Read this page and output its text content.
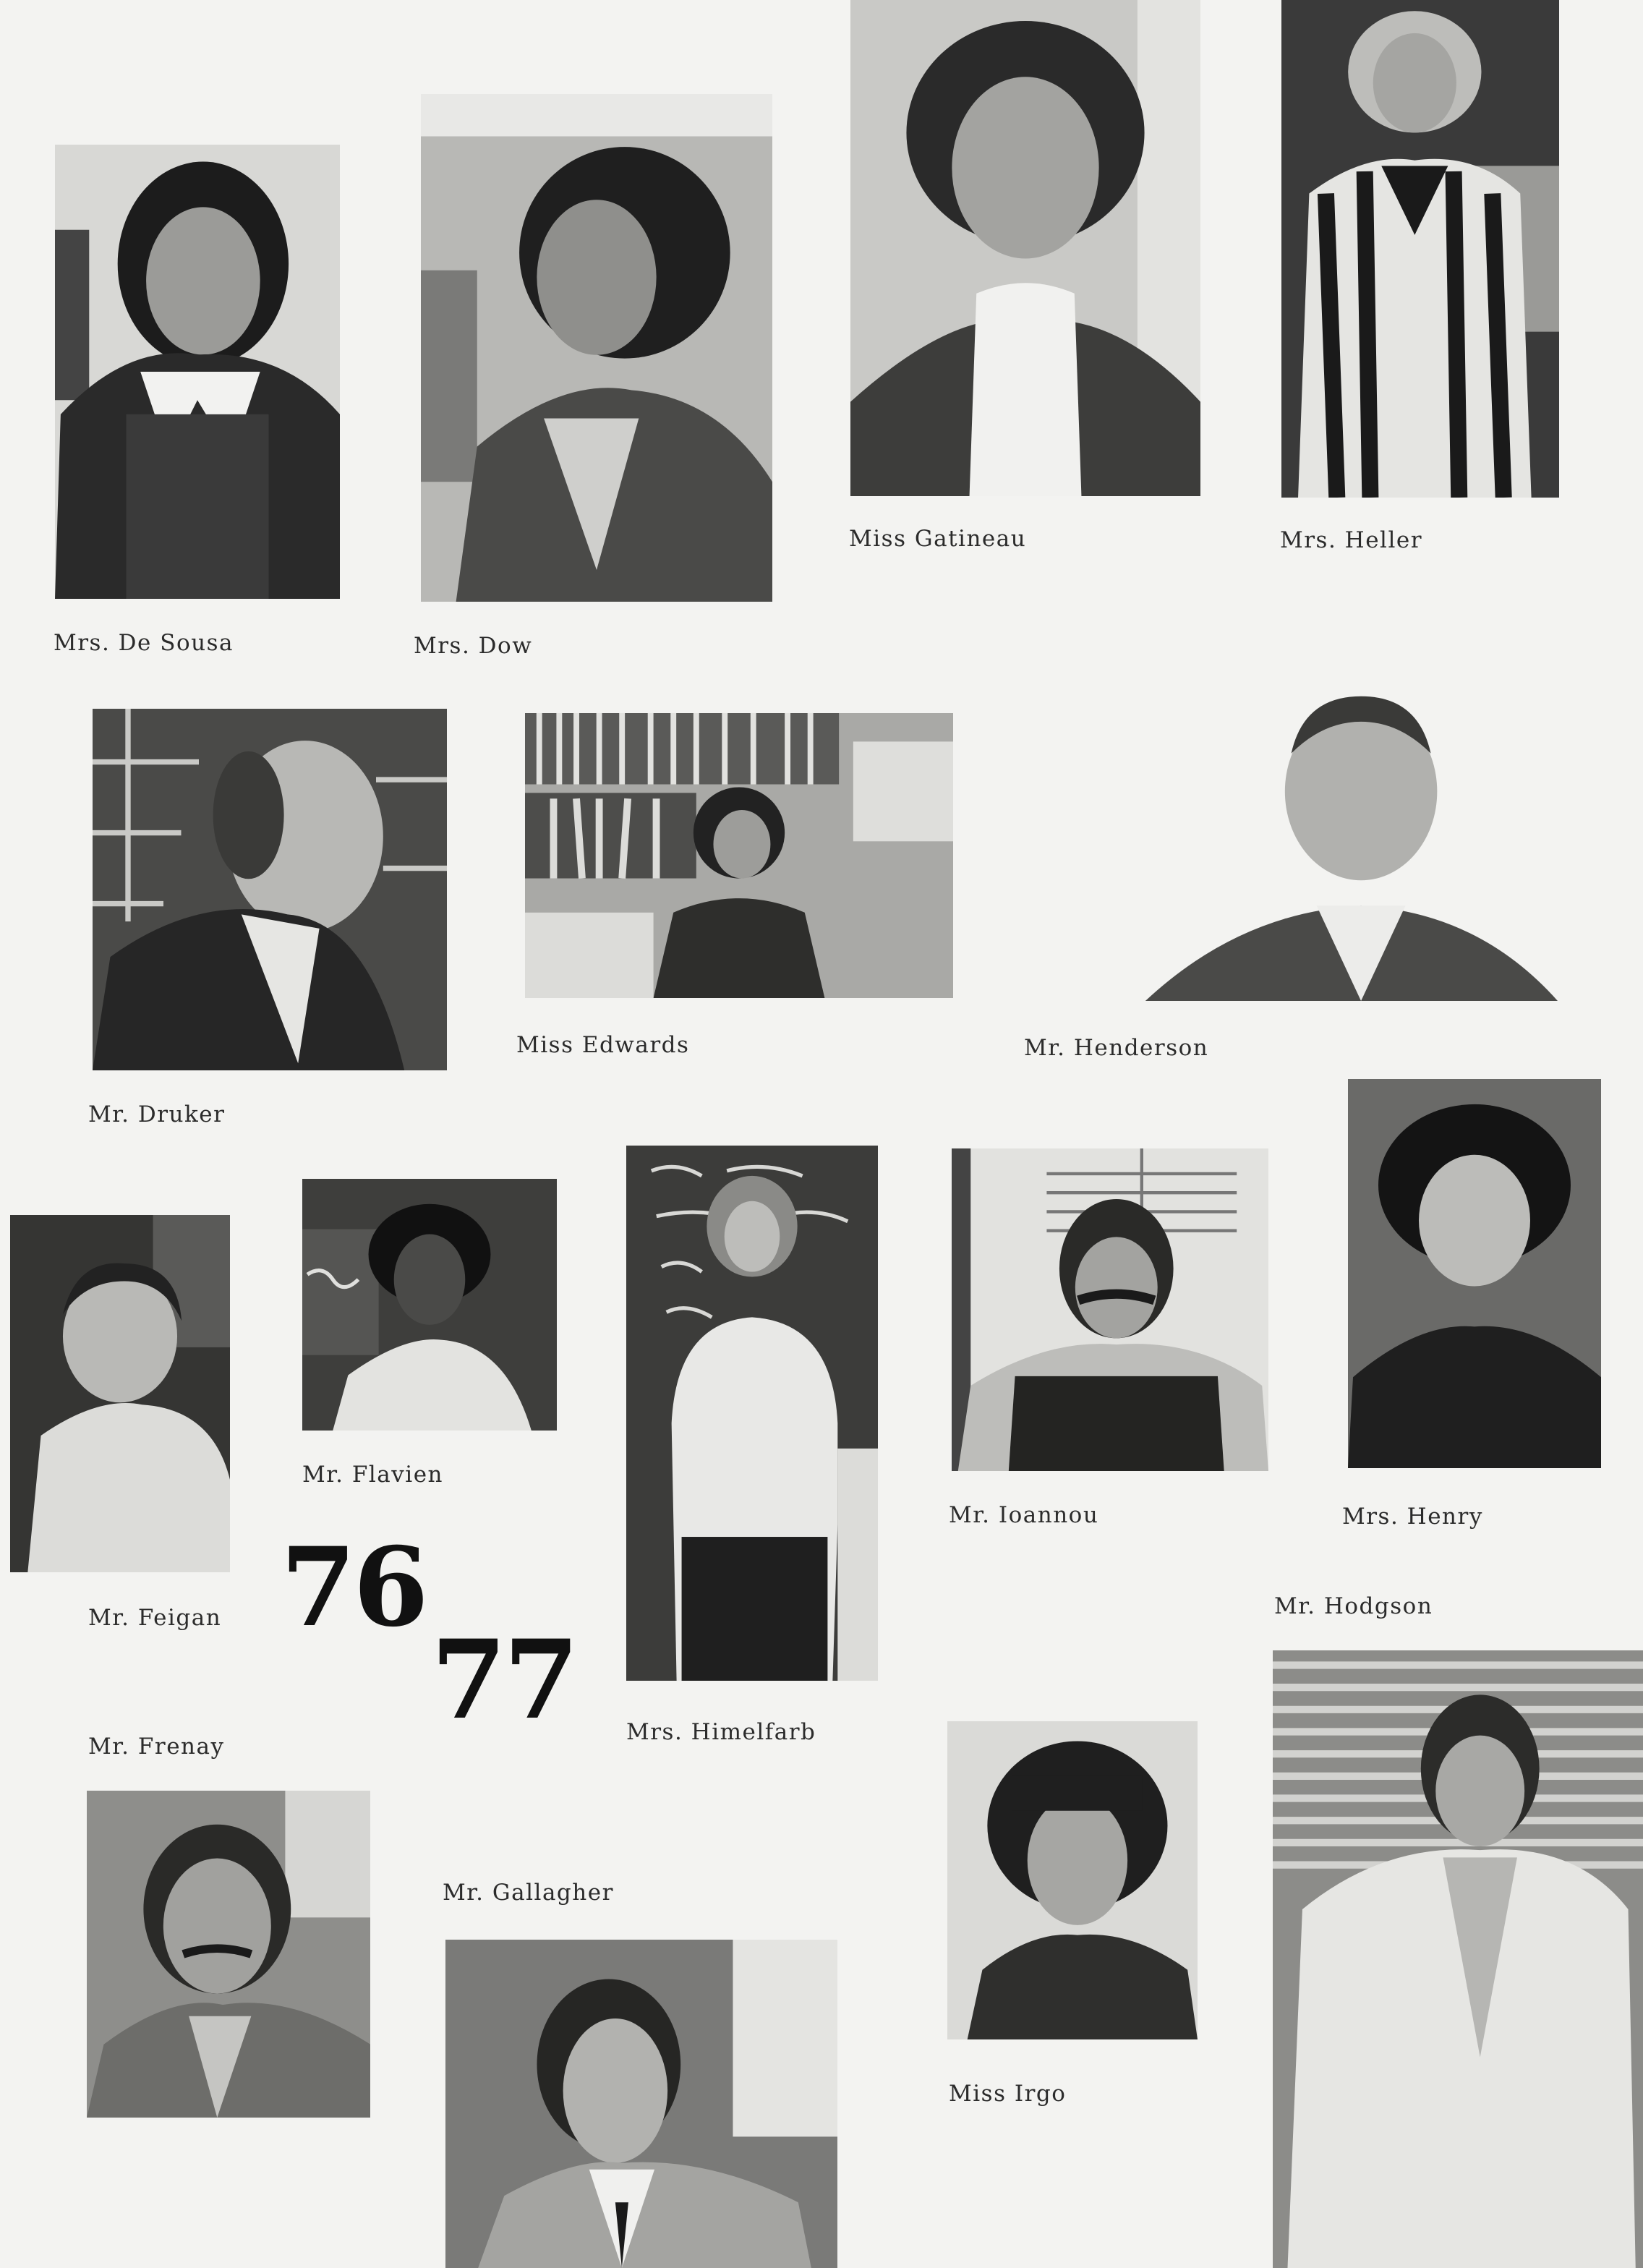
Mrs. De Sousa	Mrs. Dow
Miss Gatineau	Mrs. Heller
Mr. Druker
Miss Edwards	Mr. Henderson
Mr. Feigan
Mr. Flavien
Mrs. Himelfarb
Mr. Ioannou	Mrs. Henry
Mr. Hodgson
76
77
Mr. Frenay
Mr. Gallagher
Miss Irgo
